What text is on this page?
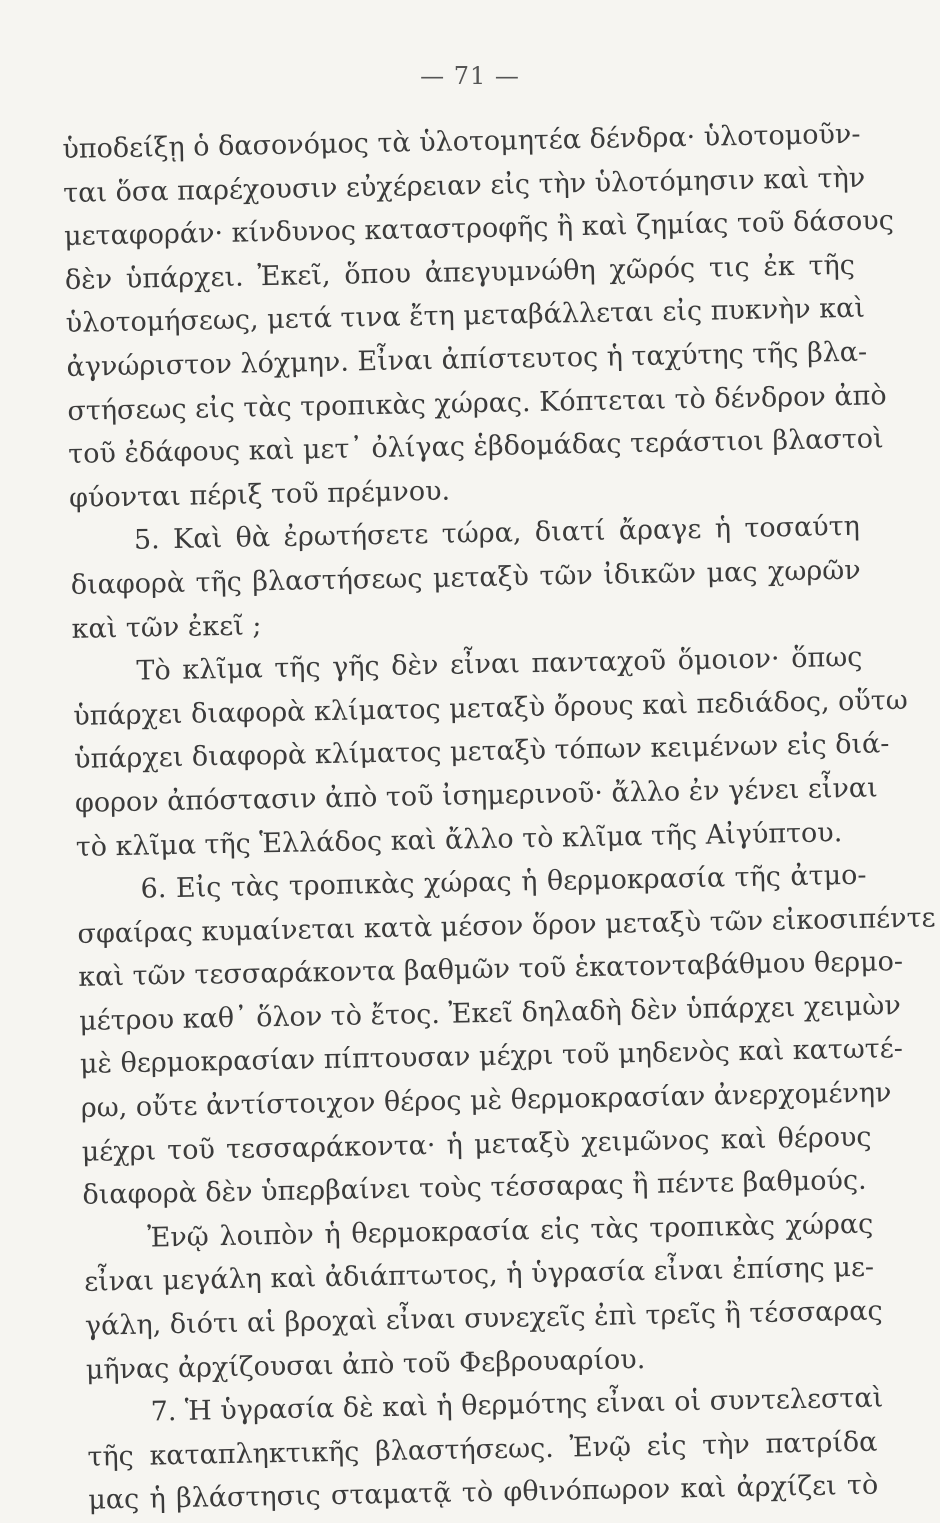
— 71 —
ὑποδείξῃ ὁ δασονόμος τὰ ὑλοτομητέα δένδρα· ὑλοτομοῦν-
ται ὅσα παρέχουσιν εὐχέρειαν εἰς τὴν ὑλοτόμησιν καὶ τὴν
μεταφοράν· κίνδυνος καταστροφῆς ἢ καὶ ζημίας τοῦ δάσους
δὲν ὑπάρχει. Ἐκεῖ, ὅπου ἀπεγυμνώθη χῶρός τις ἐκ τῆς
ὑλοτομήσεως, μετά τινα ἔτη μεταβάλλεται εἰς πυκνὴν καὶ
ἀγνώριστον λόχμην. Εἶναι ἀπίστευτος ἡ ταχύτης τῆς βλα-
στήσεως εἰς τὰς τροπικὰς χώρας. Κόπτεται τὸ δένδρον ἀπὸ
τοῦ ἐδάφους καὶ μετ᾽ ὀλίγας ἑβδομάδας τεράστιοι βλαστοὶ
φύονται πέριξ τοῦ πρέμνου.
5. Καὶ θὰ ἐρωτήσετε τώρα, διατί ἄραγε ἡ τοσαύτη
διαφορὰ τῆς βλαστήσεως μεταξὺ τῶν ἰδικῶν μας χωρῶν
καὶ τῶν ἐκεῖ ;
Τὸ κλῖμα τῆς γῆς δὲν εἶναι πανταχοῦ ὅμοιον· ὅπως
ὑπάρχει διαφορὰ κλίματος μεταξὺ ὄρους καὶ πεδιάδος, οὕτω
ὑπάρχει διαφορὰ κλίματος μεταξὺ τόπων κειμένων εἰς διά-
φορον ἀπόστασιν ἀπὸ τοῦ ἰσημερινοῦ· ἄλλο ἐν γένει εἶναι
τὸ κλῖμα τῆς Ἑλλάδος καὶ ἄλλο τὸ κλῖμα τῆς Αἰγύπτου.
6. Εἰς τὰς τροπικὰς χώρας ἡ θερμοκρασία τῆς ἀτμο-
σφαίρας κυμαίνεται κατὰ μέσον ὅρον μεταξὺ τῶν εἰκοσιπέντε
καὶ τῶν τεσσαράκοντα βαθμῶν τοῦ ἑκατονταβάθμου θερμο-
μέτρου καθ᾽ ὅλον τὸ ἔτος. Ἐκεῖ δηλαδὴ δὲν ὑπάρχει χειμὼν
μὲ θερμοκρασίαν πίπτουσαν μέχρι τοῦ μηδενὸς καὶ κατωτέ-
ρω, οὔτε ἀντίστοιχον θέρος μὲ θερμοκρασίαν ἀνερχομένην
μέχρι τοῦ τεσσαράκοντα· ἡ μεταξὺ χειμῶνος καὶ θέρους
διαφορὰ δὲν ὑπερβαίνει τοὺς τέσσαρας ἢ πέντε βαθμούς.
Ἐνῷ λοιπὸν ἡ θερμοκρασία εἰς τὰς τροπικὰς χώρας
εἶναι μεγάλη καὶ ἀδιάπτωτος, ἡ ὑγρασία εἶναι ἐπίσης με-
γάλη, διότι αἱ βροχαὶ εἶναι συνεχεῖς ἐπὶ τρεῖς ἢ τέσσαρας
μῆνας ἀρχίζουσαι ἀπὸ τοῦ Φεβρουαρίου.
7. Ἡ ὑγρασία δὲ καὶ ἡ θερμότης εἶναι οἱ συντελεσταὶ
τῆς καταπληκτικῆς βλαστήσεως. Ἐνῷ εἰς τὴν πατρίδα
μας ἡ βλάστησις σταματᾷ τὸ φθινόπωρον καὶ ἀρχίζει τὸ
